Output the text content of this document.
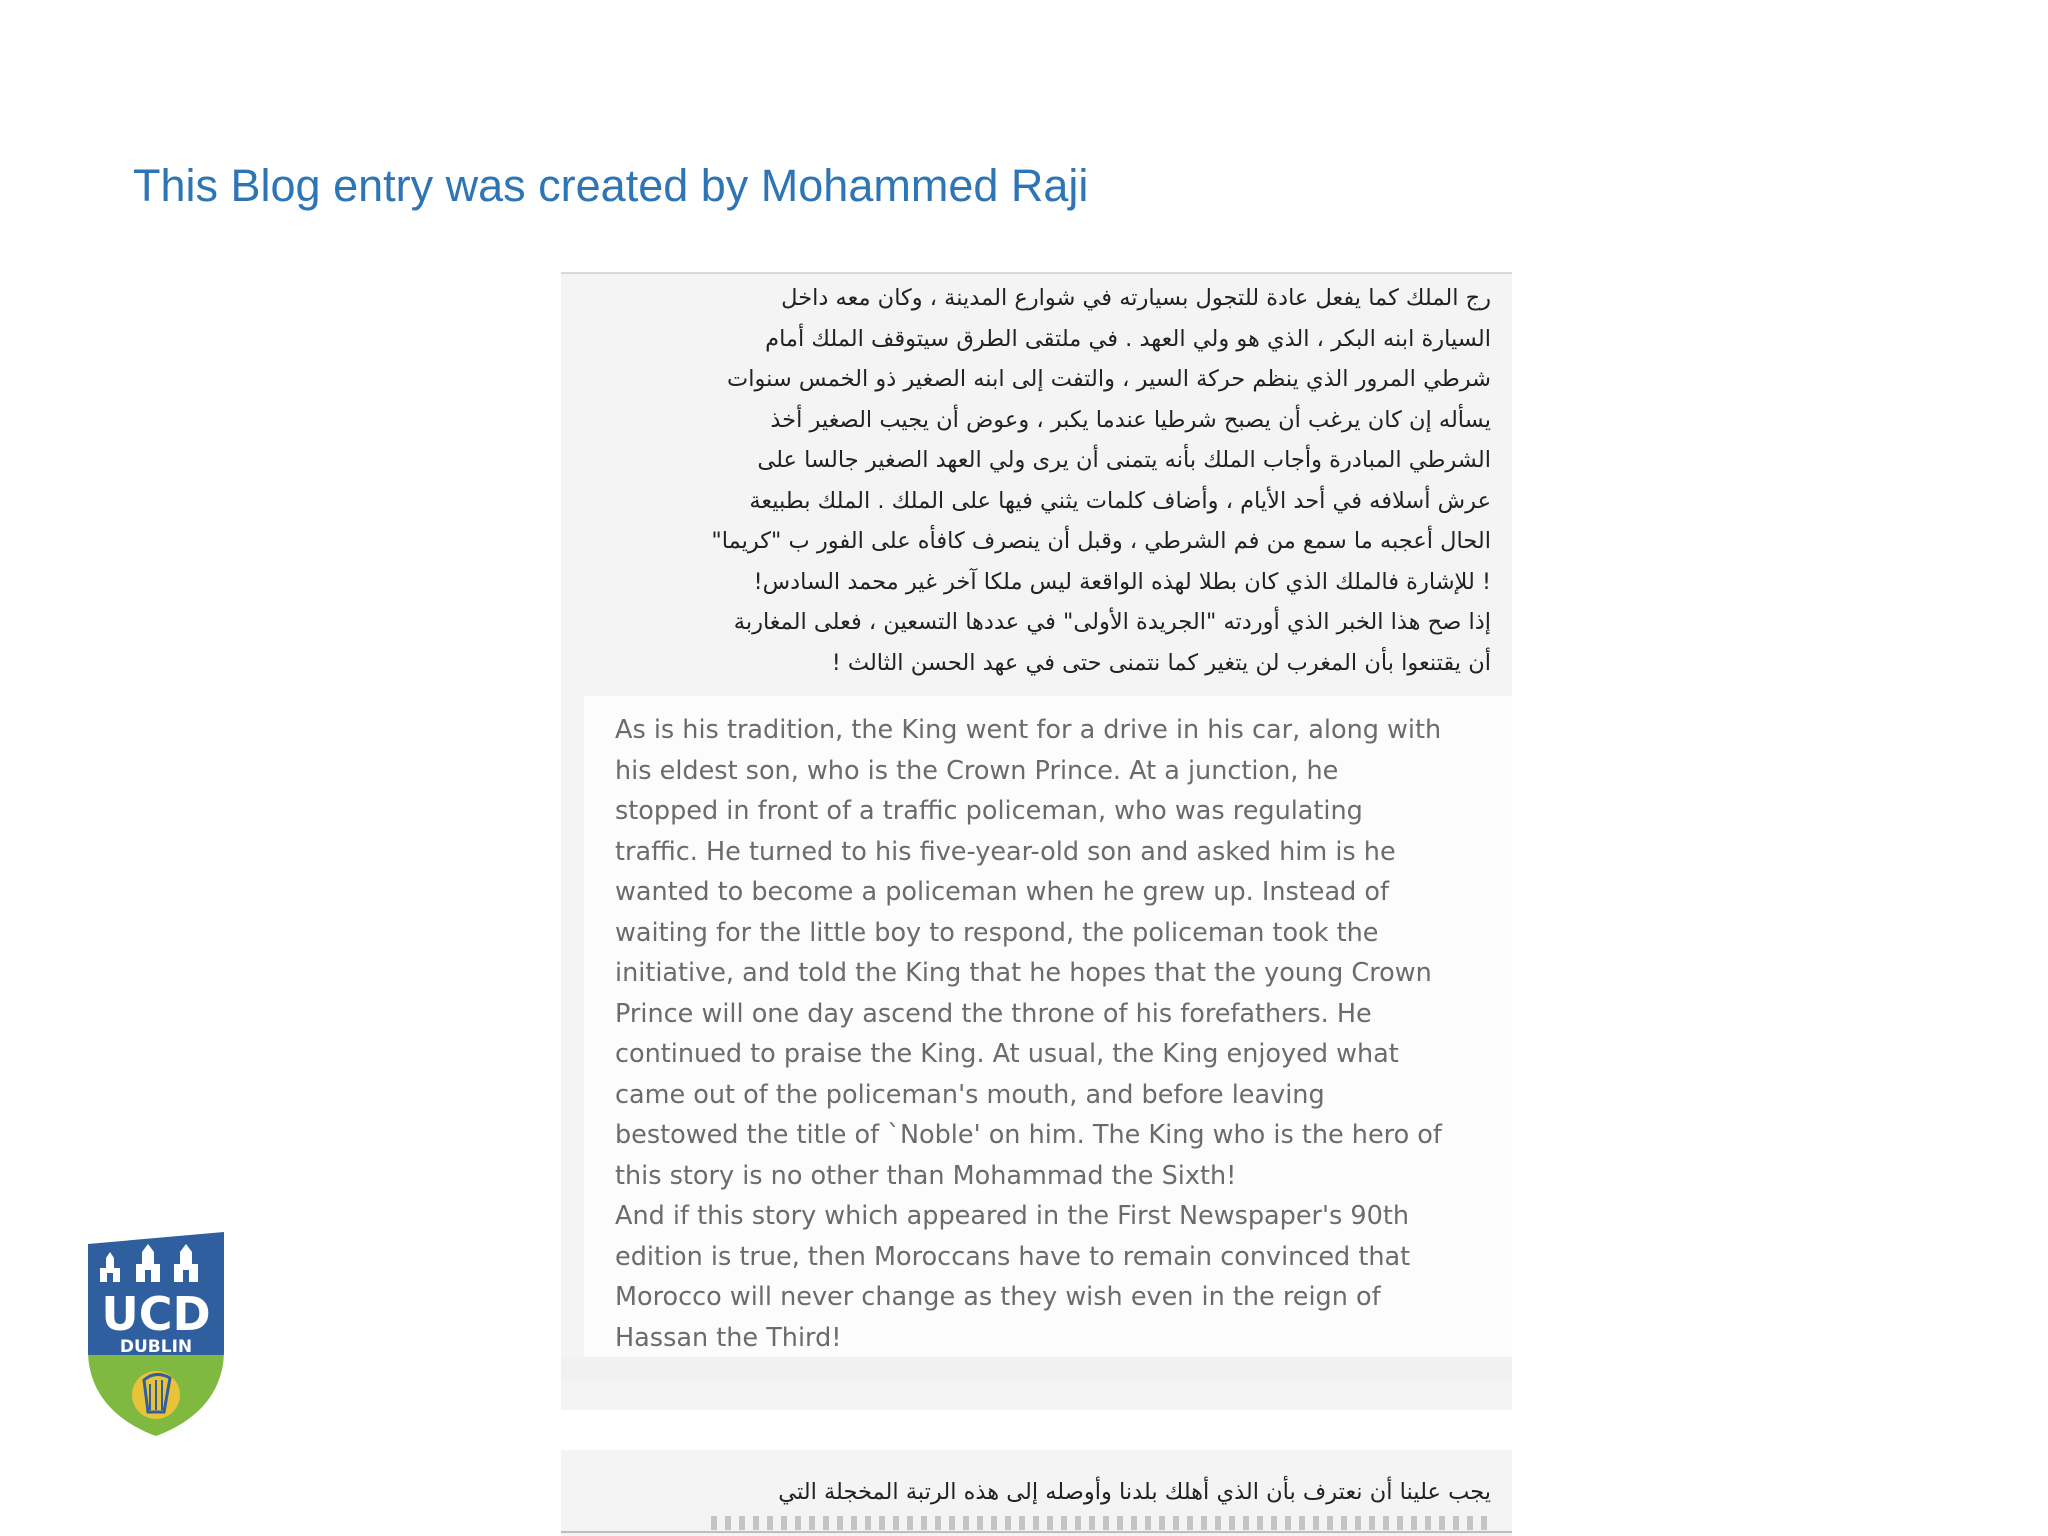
This Blog entry was created by Mohammed Raji
رج الملك كما يفعل عادة للتجول بسيارته في شوارع المدينة ، وكان معه داخل
السيارة ابنه البكر ، الذي هو ولي العهد . في ملتقى الطرق سيتوقف الملك أمام
شرطي المرور الذي ينظم حركة السير ، والتفت إلى ابنه الصغير ذو الخمس سنوات
يسأله إن كان يرغب أن يصبح شرطيا عندما يكبر ، وعوض أن يجيب الصغير أخذ
الشرطي المبادرة وأجاب الملك بأنه يتمنى أن يرى ولي العهد الصغير جالسا على
عرش أسلافه في أحد الأيام ، وأضاف كلمات يثني فيها على الملك . الملك بطبيعة
الحال أعجبه ما سمع من فم الشرطي ، وقبل أن ينصرف كافأه على الفور ب "كريما"
! للإشارة فالملك الذي كان بطلا لهذه الواقعة ليس ملكا آخر غير محمد السادس!
إذا صح هذا الخبر الذي أوردته "الجريدة الأولى" في عددها التسعين ، فعلى المغاربة
أن يقتنعوا بأن المغرب لن يتغير كما نتمنى حتى في عهد الحسن الثالث !
As is his tradition, the King went for a drive in his car, along with
his eldest son, who is the Crown Prince. At a junction, he
stopped in front of a traffic policeman, who was regulating
traffic. He turned to his five-year-old son and asked him is he
wanted to become a policeman when he grew up. Instead of
waiting for the little boy to respond, the policeman took the
initiative, and told the King that he hopes that the young Crown
Prince will one day ascend the throne of his forefathers. He
continued to praise the King. At usual, the King enjoyed what
came out of the policeman's mouth, and before leaving
bestowed the title of `Noble' on him. The King who is the hero of
this story is no other than Mohammad the Sixth!
And if this story which appeared in the First Newspaper's 90th
edition is true, then Moroccans have to remain convinced that
Morocco will never change as they wish even in the reign of
Hassan the Third!
يجب علينا أن نعترف بأن الذي أهلك بلدنا وأوصله إلى هذه الرتبة المخجلة التي
UCD
DUBLIN
